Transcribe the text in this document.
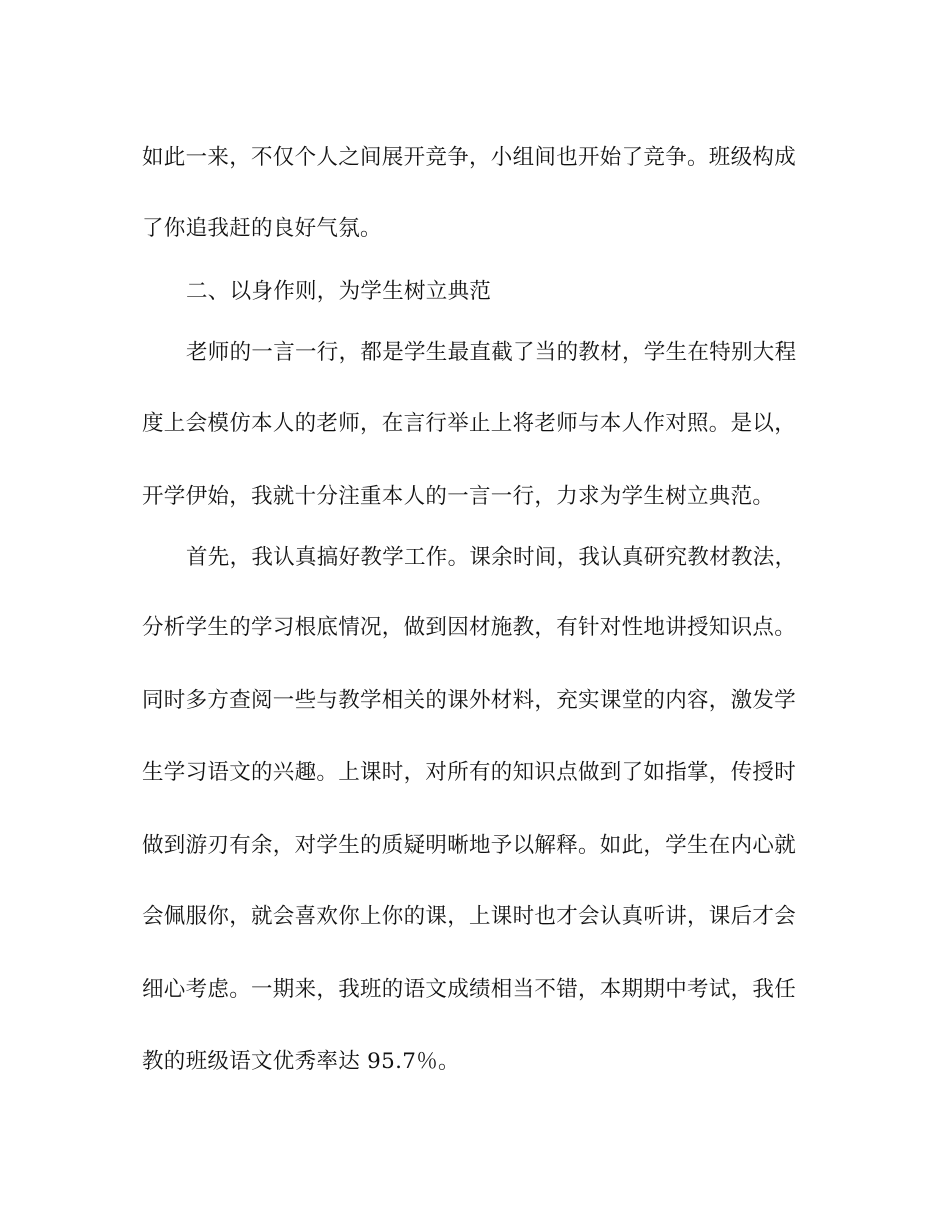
如此一来，不仅个人之间展开竞争，小组间也开始了竞争。班级构成
了你追我赶的良好气氛。
二、以身作则，为学生树立典范
老师的一言一行，都是学生最直截了当的教材，学生在特别大程
度上会模仿本人的老师，在言行举止上将老师与本人作对照。是以，
开学伊始，我就十分注重本人的一言一行，力求为学生树立典范。
首先，我认真搞好教学工作。课余时间，我认真研究教材教法，
分析学生的学习根底情况，做到因材施教，有针对性地讲授知识点。
同时多方查阅一些与教学相关的课外材料，充实课堂的内容，激发学
生学习语文的兴趣。上课时，对所有的知识点做到了如指掌，传授时
做到游刃有余，对学生的质疑明晰地予以解释。如此，学生在内心就
会佩服你，就会喜欢你上你的课，上课时也才会认真听讲，课后才会
细心考虑。一期来，我班的语文成绩相当不错，本期期中考试，我任
教的班级语文优秀率达 95.7％。
